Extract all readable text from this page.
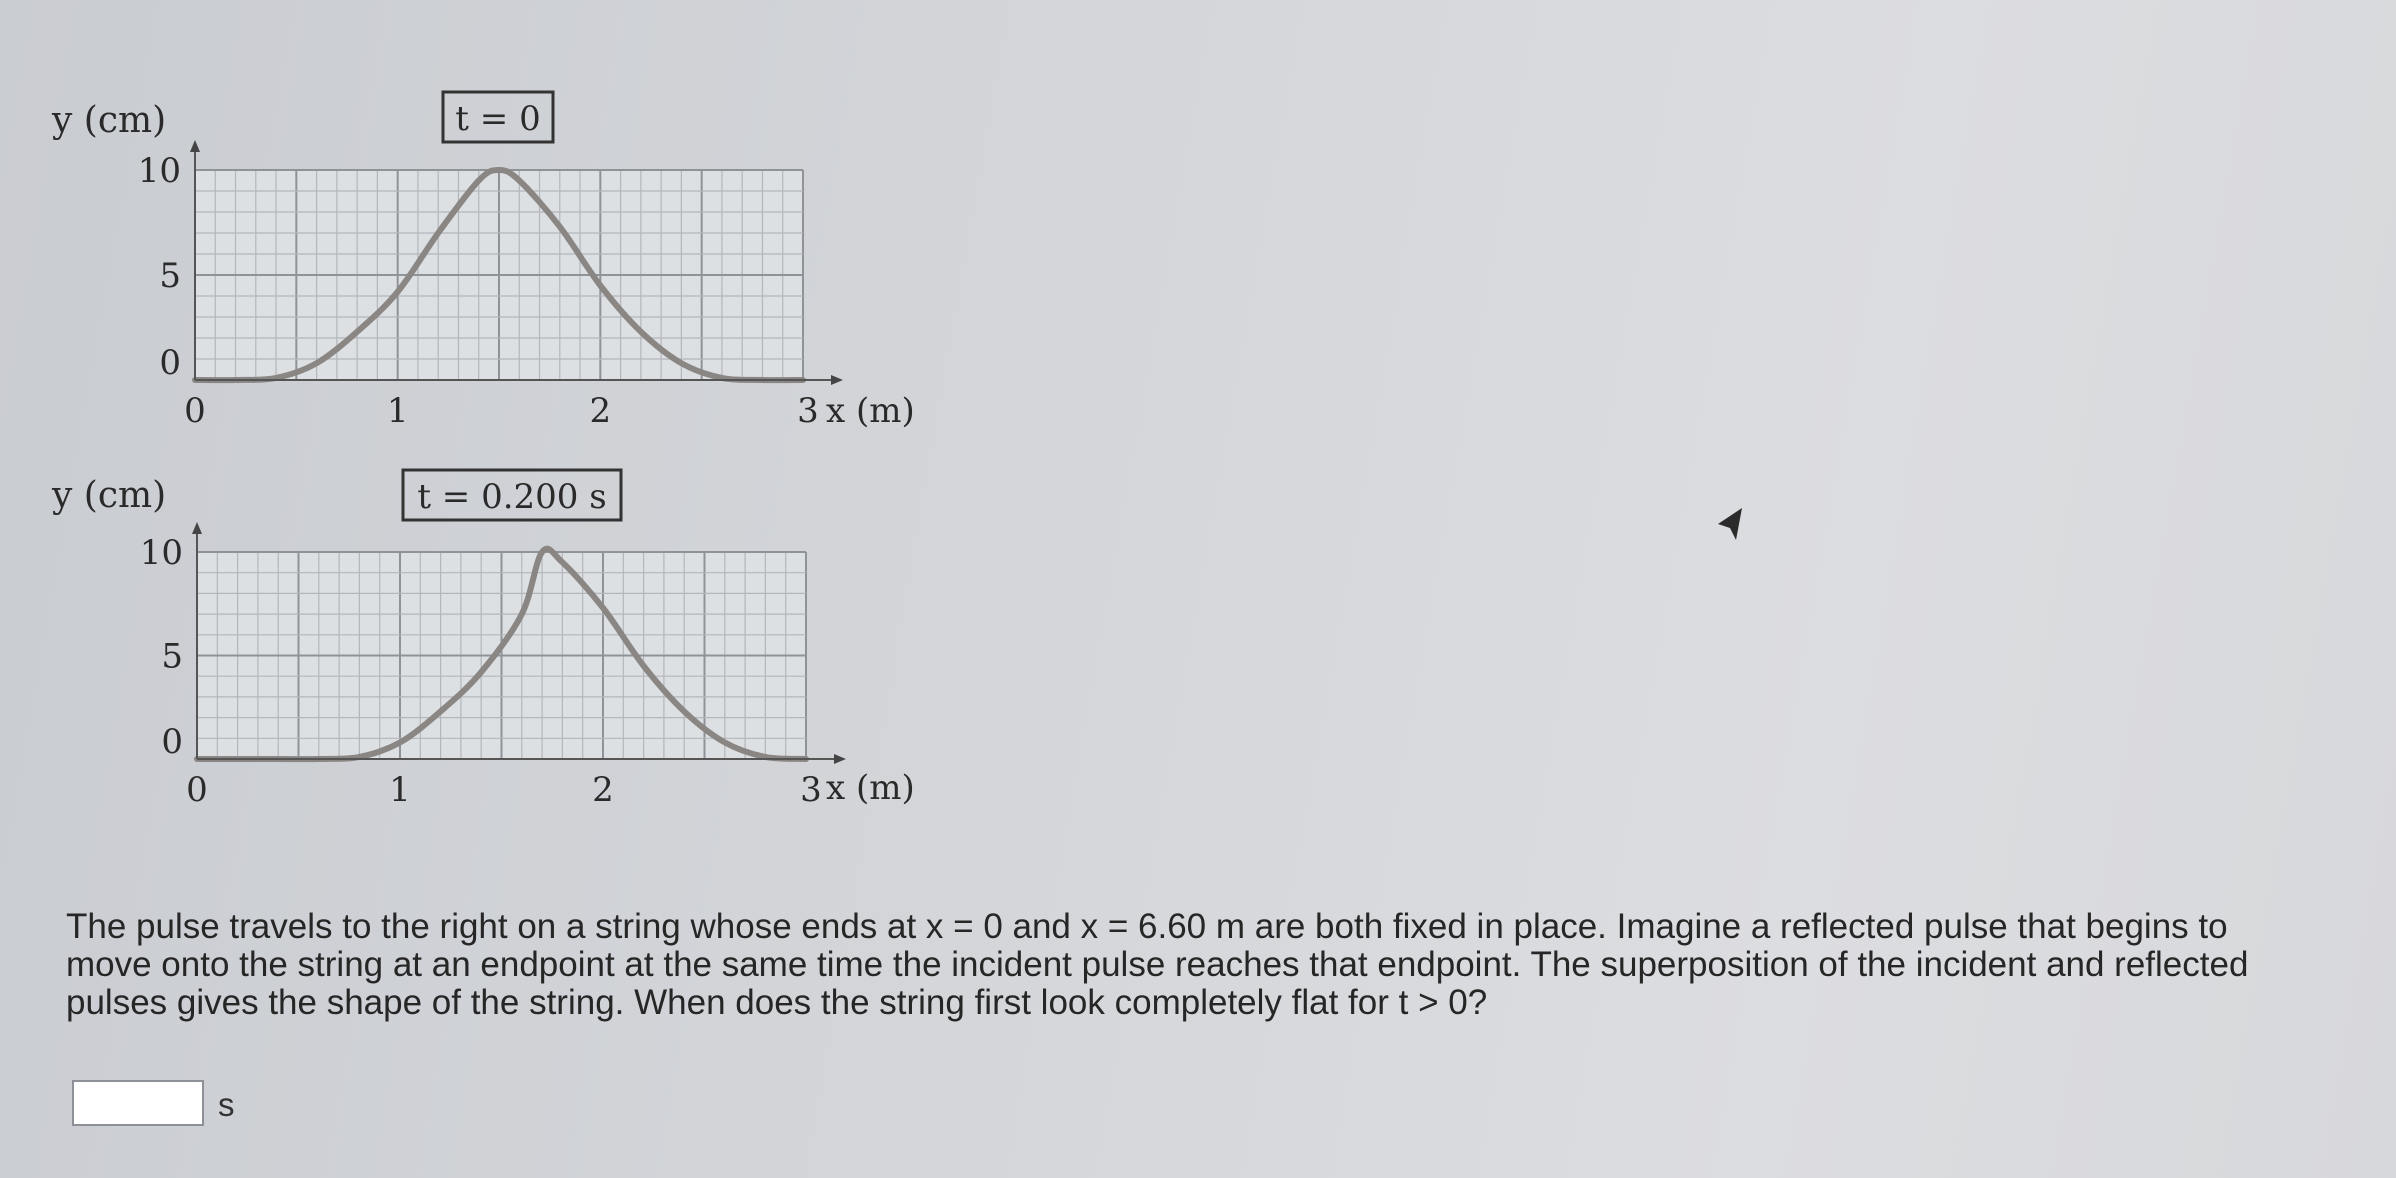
y (cm)	t = 0
10
5
0
0	1	2	3 x (m)
y (cm)	t = 0.200 s
10
5
0
0	1	2	3 x (m)

The pulse travels to the right on a string whose ends at x = 0 and x = 6.60 m are both fixed in place. Imagine a reflected pulse that begins to move onto the string at an endpoint at the same time the incident pulse reaches that endpoint. The superposition of the incident and reflected pulses gives the shape of the string. When does the string first look completely flat for t > 0?

s
